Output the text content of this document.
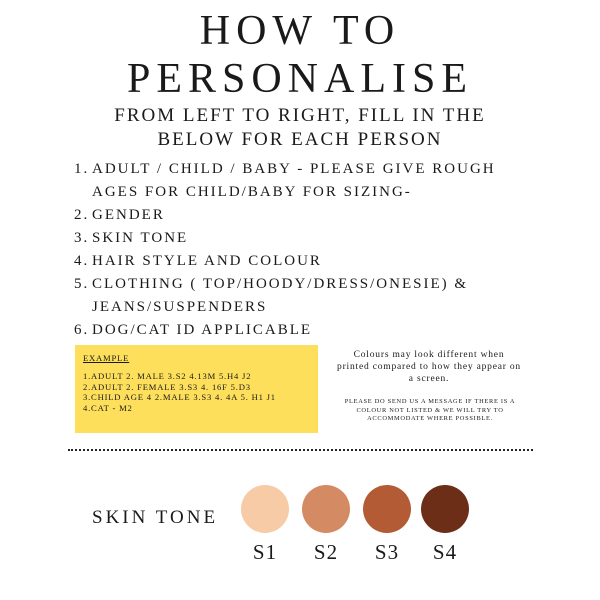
HOW TO
PERSONALISE
FROM LEFT TO RIGHT, FILL IN THE
BELOW FOR EACH PERSON
1. ADULT / CHILD / BABY - PLEASE GIVE ROUGH AGES FOR CHILD/BABY FOR SIZING-
2. GENDER
3. SKIN TONE
4. HAIR STYLE AND COLOUR
5. CLOTHING ( TOP/HOODY/DRESS/ONESIE) & JEANS/SUSPENDERS
6. DOG/CAT ID APPLICABLE
EXAMPLE
1.ADULT 2. MALE 3.S2 4.13M 5.H4 J2
2.ADULT 2. FEMALE 3.S3 4. 16F 5.D3
3.CHILD AGE 4 2.MALE 3.S3 4. 4A 5. H1 J1
4.CAT - M2
Colours may look different when printed compared to how they appear on a screen.
PLEASE DO SEND US A MESSAGE IF THERE IS A COLOUR NOT LISTED & WE WILL TRY TO ACCOMMODATE WHERE POSSIBLE.
SKIN TONE
S1	S2	S3	S4
